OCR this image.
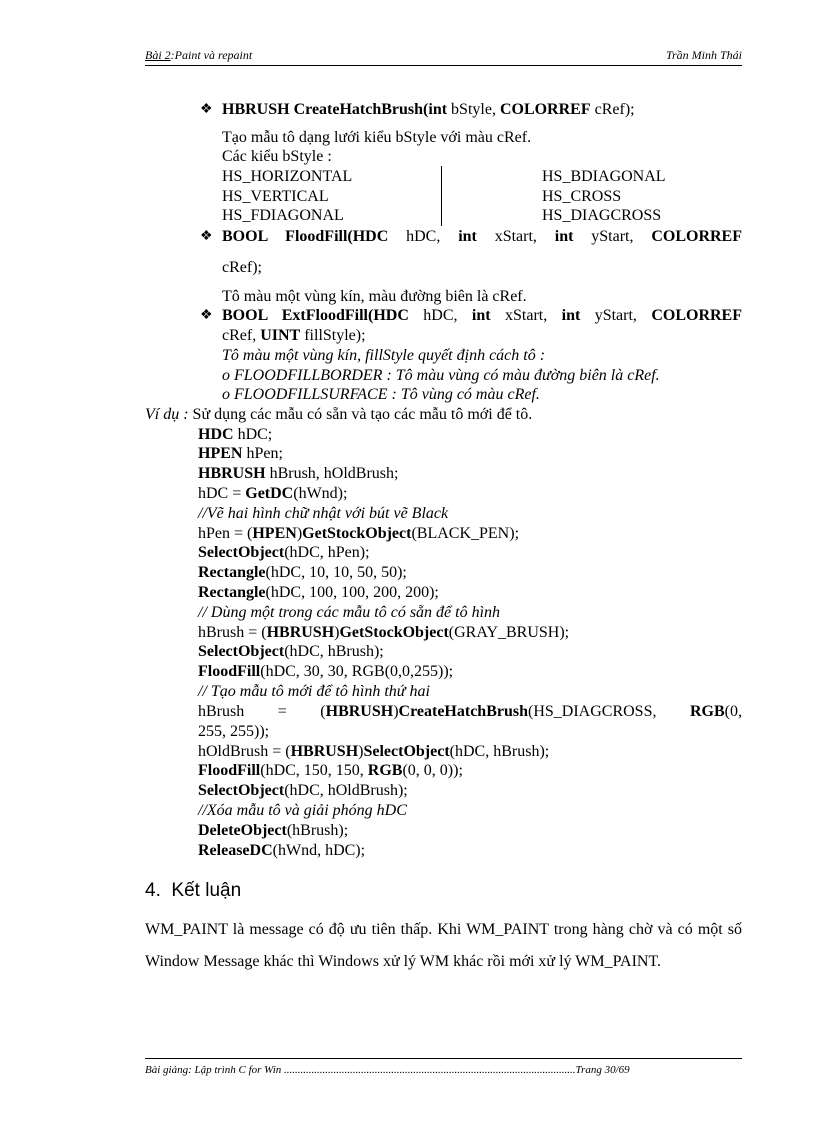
Bài 2:Paint và repaint	Trần Minh Thái
❖ HBRUSH CreateHatchBrush(int bStyle, COLORREF cRef);
Tạo mẫu tô dạng lưới kiểu bStyle với màu cRef.
Các kiểu bStyle :
HS_HORIZONTAL
HS_VERTICAL
HS_FDIAGONAL
HS_BDIAGONAL
HS_CROSS
HS_DIAGCROSS
❖ BOOL FloodFill(HDC hDC, int xStart, int yStart, COLORREF
cRef);
Tô màu một vùng kín, màu đường biên là cRef.
❖ BOOL ExtFloodFill(HDC hDC, int xStart, int yStart, COLORREF
cRef, UINT fillStyle);
Tô màu một vùng kín, fillStyle quyết định cách tô :
o FLOODFILLBORDER : Tô màu vùng có màu đường biên là cRef.
o FLOODFILLSURFACE : Tô vùng có màu cRef.
Ví dụ : Sử dụng các mẫu có sẵn và tạo các mẫu tô mới để tô.
HDC hDC;
HPEN hPen;
HBRUSH hBrush, hOldBrush;
hDC = GetDC(hWnd);
//Vẽ hai hình chữ nhật với bút vẽ Black
hPen = (HPEN)GetStockObject(BLACK_PEN);
SelectObject(hDC, hPen);
Rectangle(hDC, 10, 10, 50, 50);
Rectangle(hDC, 100, 100, 200, 200);
// Dùng một trong các mẫu tô có sẵn để tô hình
hBrush = (HBRUSH)GetStockObject(GRAY_BRUSH);
SelectObject(hDC, hBrush);
FloodFill(hDC, 30, 30, RGB(0,0,255));
// Tạo mẫu tô mới để tô hình thứ hai
hBrush = (HBRUSH)CreateHatchBrush(HS_DIAGCROSS, RGB(0,
255, 255));
hOldBrush = (HBRUSH)SelectObject(hDC, hBrush);
FloodFill(hDC, 150, 150, RGB(0, 0, 0));
SelectObject(hDC, hOldBrush);
//Xóa mẫu tô và giải phóng hDC
DeleteObject(hBrush);
ReleaseDC(hWnd, hDC);
4. Kết luận
WM_PAINT là message có độ ưu tiên thấp. Khi WM_PAINT trong hàng chờ và có một số Window Message khác thì Windows xử lý WM khác rồi mới xử lý WM_PAINT.
Bài giảng: Lập trình C for Win ..........................................................................................................Trang 30/69
